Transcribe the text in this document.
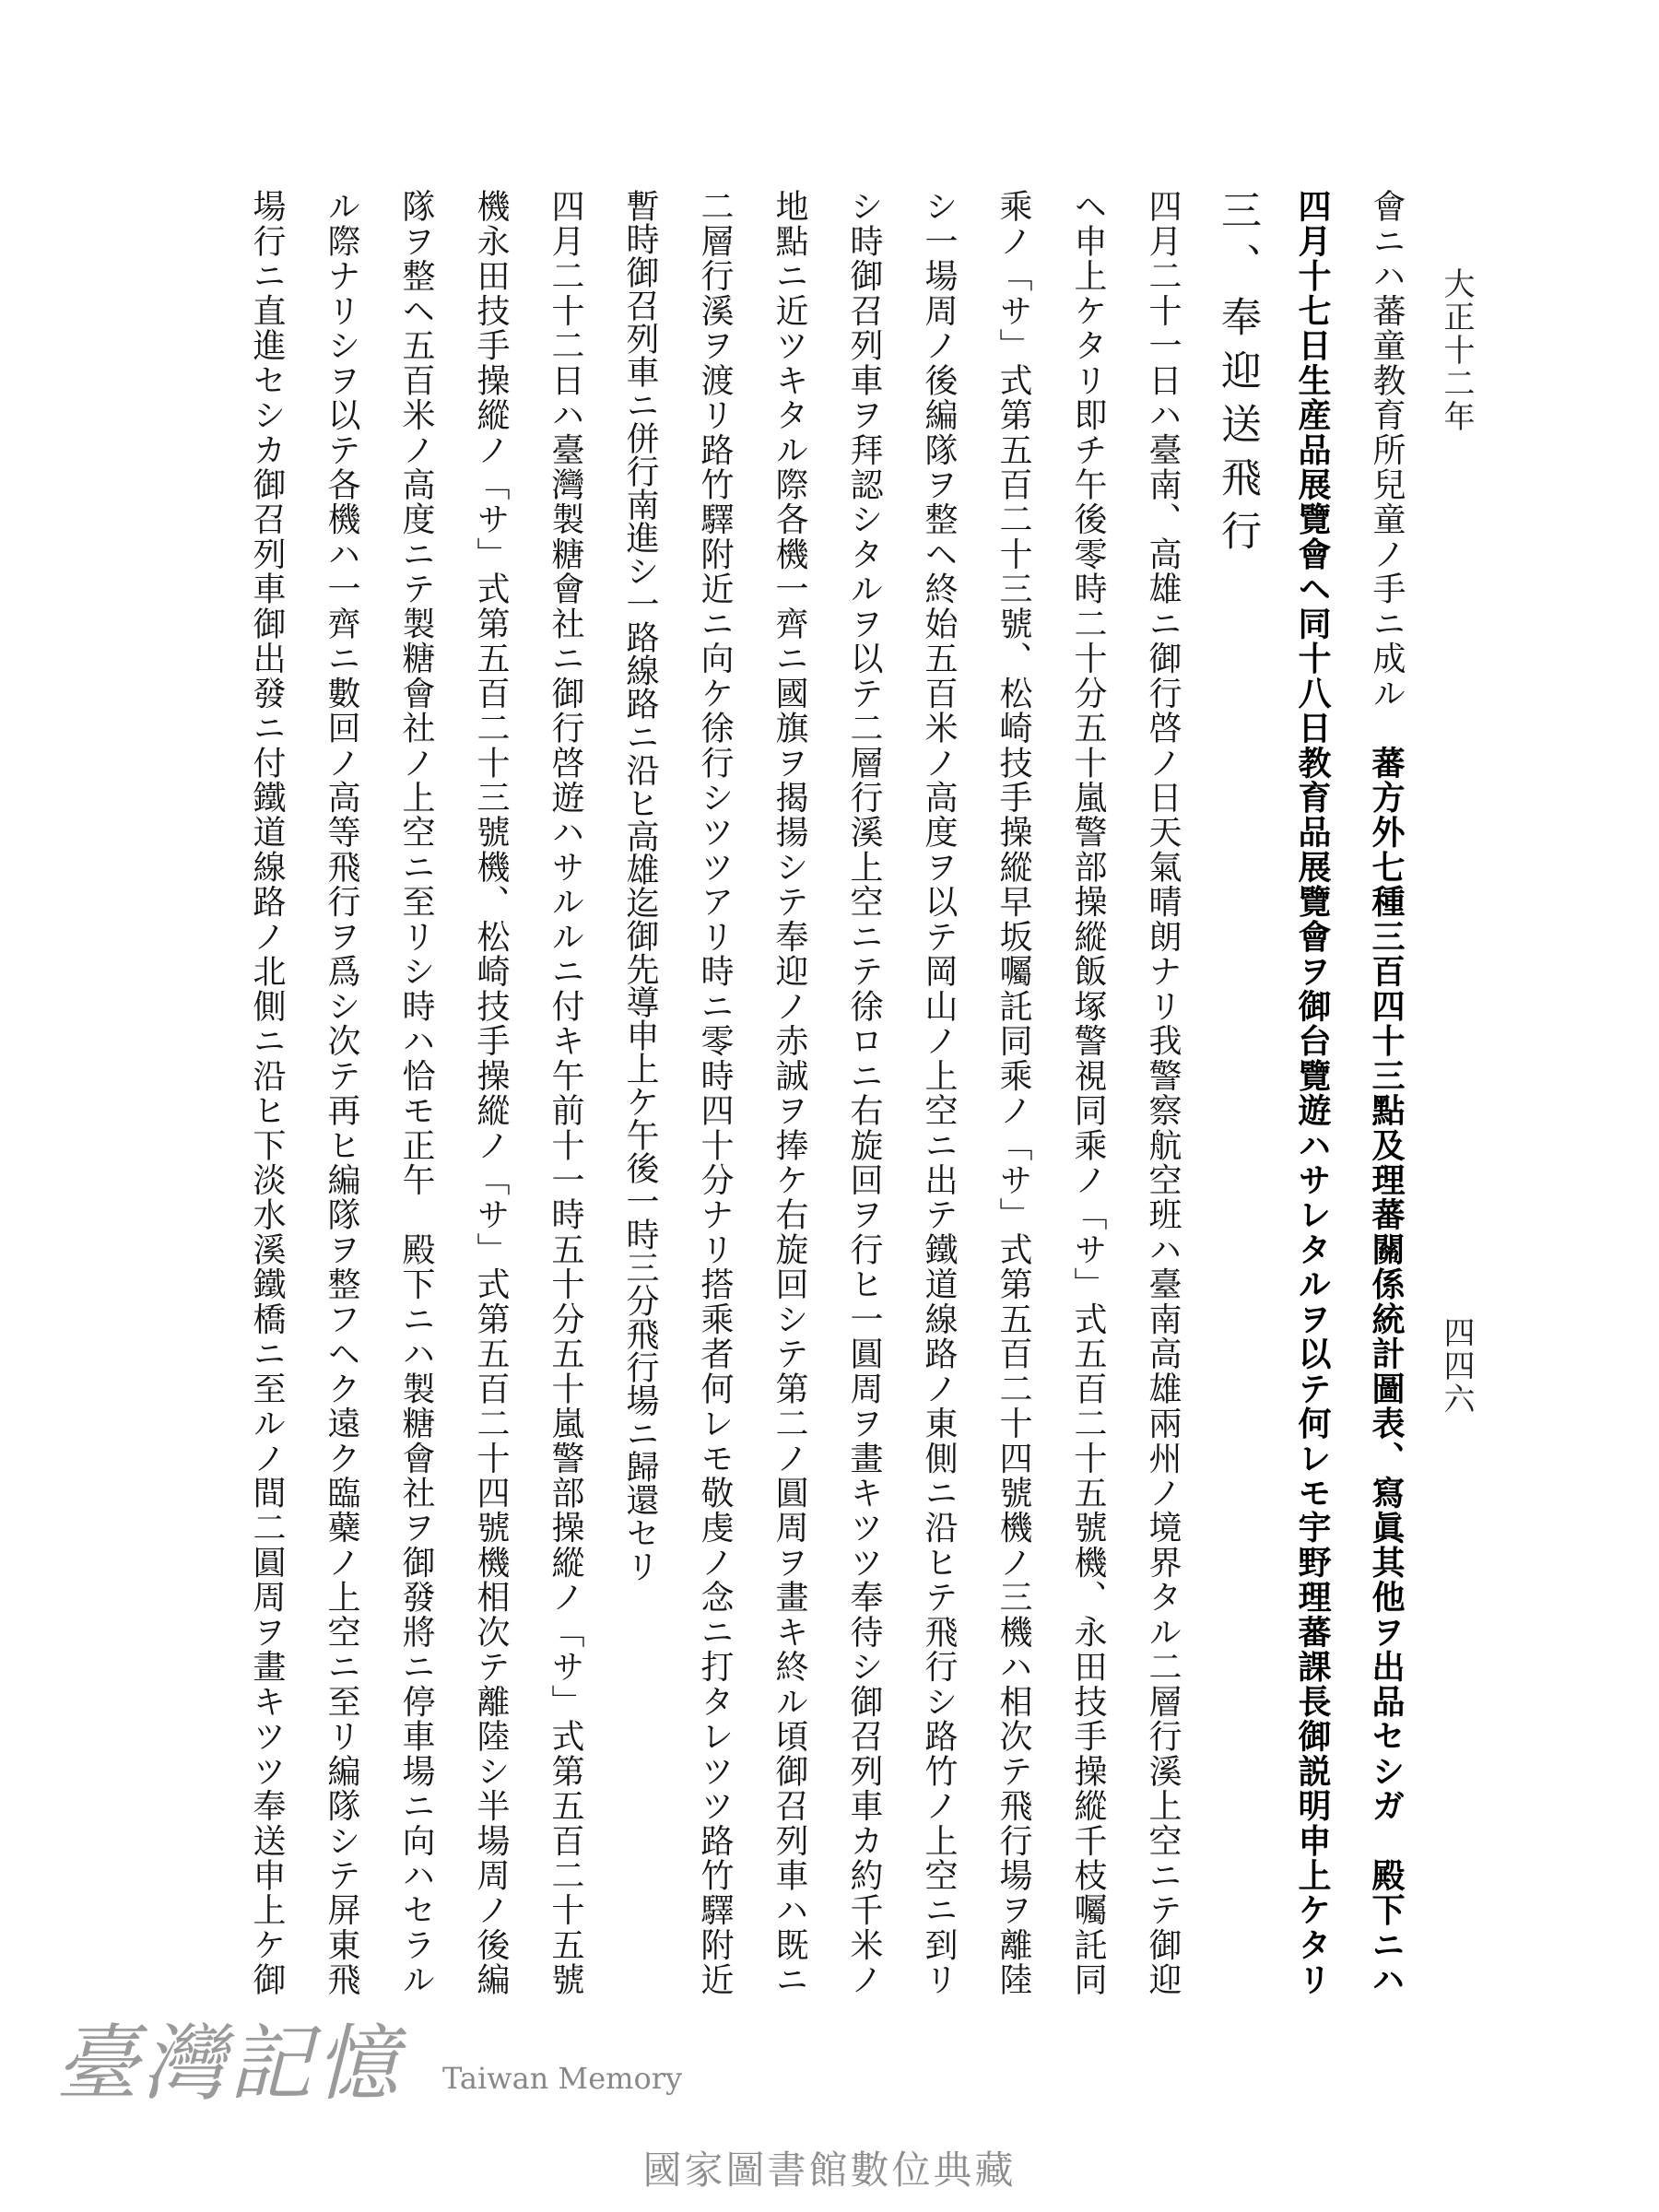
大正十二年
四四六

會ニハ蕃童教育所兒童ノ手ニ成ル　蕃方外七種三百四十三點及理蕃關係統計圖表、寫眞其他ヲ出品セシガ　殿下ニハ

四月十七日生産品展覽會ヘ同十八日教育品展覽會ヲ御台覽遊ハサレタルヲ以テ何レモ宇野理蕃課長御説明申上ケタリ

三、奉迎送飛行

四月二十一日ハ臺南、高雄ニ御行啓ノ日天氣晴朗ナリ我警察航空班ハ臺南高雄兩州ノ境界タル二層行溪上空ニテ御迎

ヘ申上ケタリ即チ午後零時二十分五十嵐警部操縱飯塚警視同乘ノ「サ」式五百二十五號機、永田技手操縱千枝囑託同

乘ノ「サ」式第五百二十三號、松崎技手操縱早坂囑託同乘ノ「サ」式第五百二十四號機ノ三機ハ相次テ飛行場ヲ離陸

シ一場周ノ後編隊ヲ整ヘ終始五百米ノ高度ヲ以テ岡山ノ上空ニ出テ鐵道線路ノ東側ニ沿ヒテ飛行シ路竹ノ上空ニ到リ

シ時御召列車ヲ拜認シタルヲ以テ二層行溪上空ニテ徐ロニ右旋回ヲ行ヒ一圓周ヲ畫キツツ奉待シ御召列車カ約千米ノ

地點ニ近ツキタル際各機一齊ニ國旗ヲ揭揚シテ奉迎ノ赤誠ヲ捧ケ右旋回シテ第二ノ圓周ヲ畫キ終ル頃御召列車ハ既ニ

二層行溪ヲ渡リ路竹驛附近ニ向ケ徐行シツツアリ時ニ零時四十分ナリ搭乘者何レモ敬虔ノ念ニ打タレツツ路竹驛附近

暫時御召列車ニ併行南進シ一路線路ニ沿ヒ高雄迄御先導申上ケ午後一時三分飛行場ニ歸還セリ

四月二十二日ハ臺灣製糖會社ニ御行啓遊ハサルルニ付キ午前十一時五十分五十嵐警部操縱ノ「サ」式第五百二十五號

機永田技手操縱ノ「サ」式第五百二十三號機、松崎技手操縱ノ「サ」式第五百二十四號機相次テ離陸シ半場周ノ後編

隊ヲ整ヘ五百米ノ高度ニテ製糖會社ノ上空ニ至リシ時ハ恰モ正午　殿下ニハ製糖會社ヲ御發將ニ停車場ニ向ハセラル

ル際ナリシヲ以テ各機ハ一齊ニ數回ノ高等飛行ヲ爲シ次テ再ヒ編隊ヲ整フヘク遠ク臨蘗ノ上空ニ至リ編隊シテ屏東飛

場行ニ直進セシカ御召列車御出發ニ付鐵道線路ノ北側ニ沿ヒ下淡水溪鐵橋ニ至ルノ間二圓周ヲ畫キツツ奉送申上ケ御

臺灣記憶 Taiwan Memory
國家圖書館數位典藏
